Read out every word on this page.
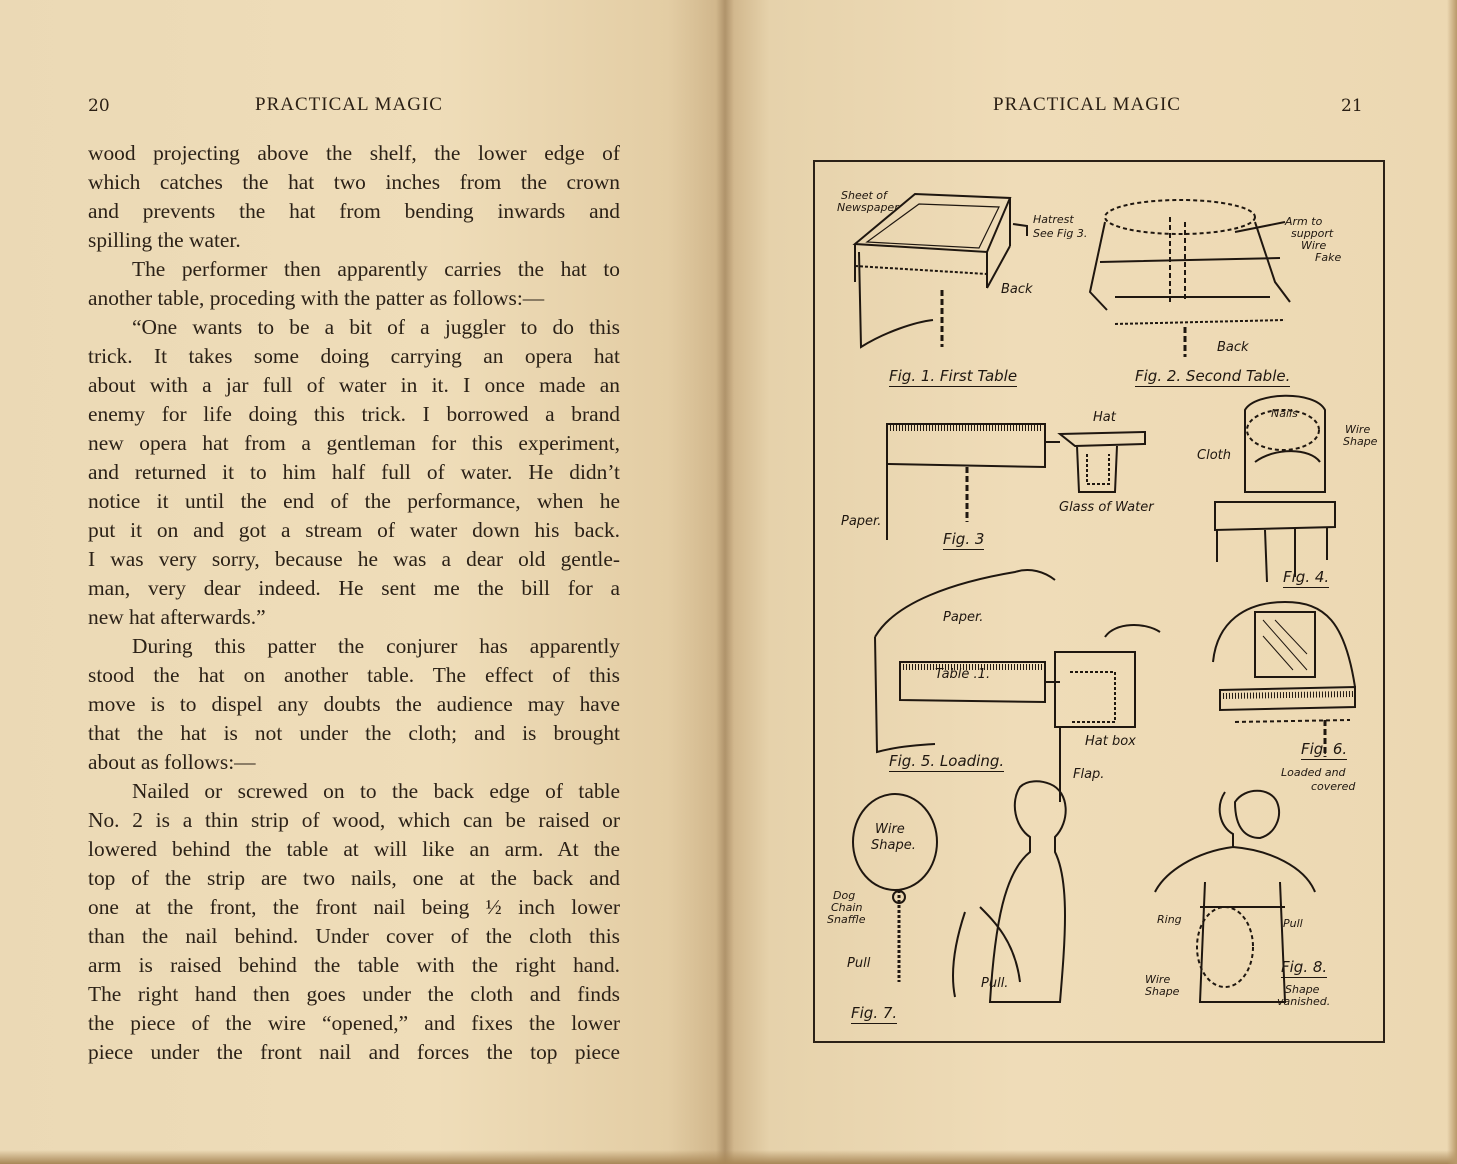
20	PRACTICAL MAGIC

wood projecting above the shelf, the lower edge of
which catches the hat two inches from the crown
and prevents the hat from bending inwards and

spilling the water.

The performer then apparently carries the hat to

another table, proceding with the patter as follows:—

“One wants to be a bit of a juggler to do this
trick. It takes some doing carrying an opera hat
about with a jar full of water in it. I once made an
enemy for life doing this trick. I borrowed a brand
new opera hat from a gentleman for this experiment,
and returned it to him half full of water. He didn’t
notice it until the end of the performance, when he
put it on and got a stream of water down his back.
I was very sorry, because he was a dear old gentle-
man, very dear indeed. He sent me the bill for a

new hat afterwards.”

During this patter the conjurer has apparently
stood the hat on another table. The effect of this
move is to dispel any doubts the audience may have
that the hat is not under the cloth; and is brought

about as follows:—

Nailed or screwed on to the back edge of table
No. 2 is a thin strip of wood, which can be raised or
lowered behind the table at will like an arm. At the
top of the strip are two nails, one at the back and
one at the front, the front nail being ½ inch lower
than the nail behind. Under cover of the cloth this
arm is raised behind the table with the right hand.
The right hand then goes under the cloth and finds
the piece of the wire “opened,” and fixes the lower
piece under the front nail and forces the top piece

PRACTICAL MAGIC	21
Sheet of
Newspaper
Hatrest
See Fig 3.
Back
Fig. 1. First Table
Arm to
support
Wire
Fake
Back
Fig. 2. Second Table.
Hat
Glass of Water
Paper.
Fig. 3
Nails
Wire
Shape
Cloth
Fig. 4.
Paper.
Table .1.
Hat box
Flap.
Fig. 5. Loading.
Fig. 6.
Loaded and
covered
Wire
Shape.
Dog
Chain
Snaffle
Pull
Pull.
Fig. 7.
Ring	Pull
Wire
Shape
Fig. 8.
Shape
vanished.
